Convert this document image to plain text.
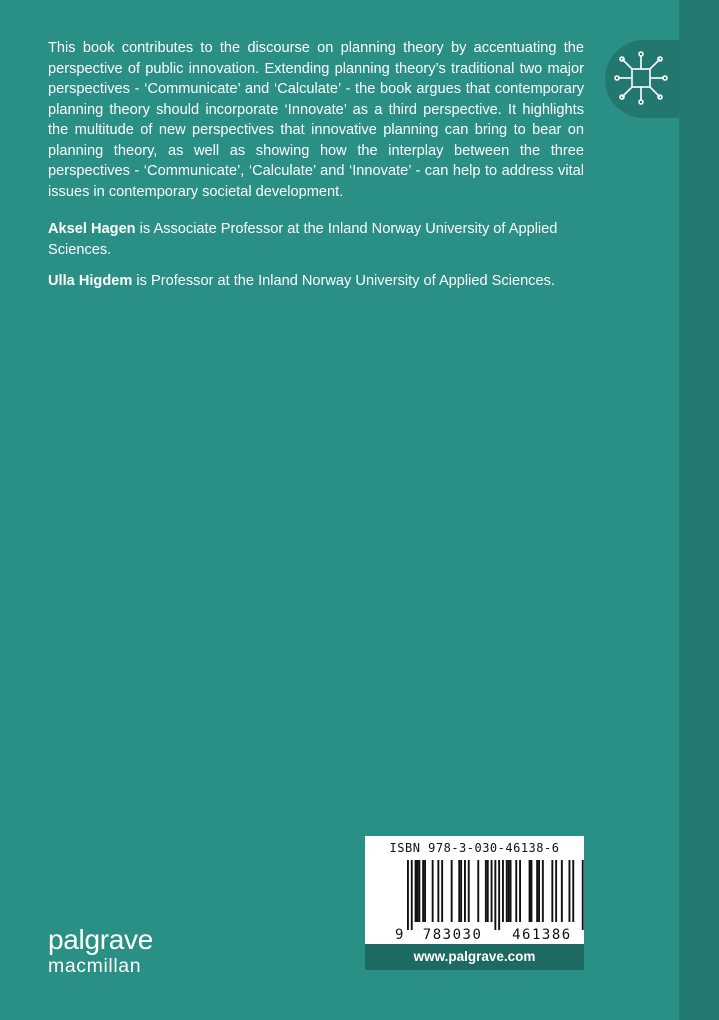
This book contributes to the discourse on planning theory by accentuating the perspective of public innovation. Extending planning theory’s traditional two major perspectives - ‘Communicate’ and ‘Calculate’ - the book argues that contemporary planning theory should incorporate ‘Innovate’ as a third perspective. It highlights the multitude of new perspectives that innovative planning can bring to bear on planning theory, as well as showing how the interplay between the three perspectives - ‘Communicate’, ‘Calculate’ and ‘Innovate’ - can help to address vital issues in contemporary societal development.

Aksel Hagen is Associate Professor at the Inland Norway University of Applied Sciences.

Ulla Higdem is Professor at the Inland Norway University of Applied Sciences.

palgrave
macmillan
9 783030 461386
ISBN 978-3-030-46138-6
www.palgrave.com
